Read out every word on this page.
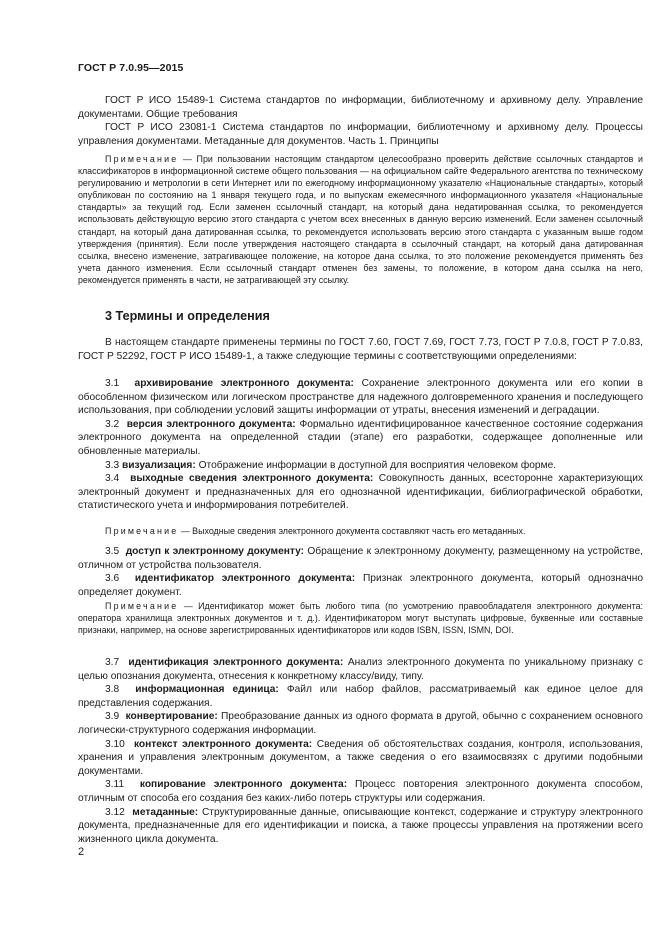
ГОСТ Р 7.0.95—2015

ГОСТ Р ИСО 15489-1 Система стандартов по информации, библиотечному и архивному делу. Управление документами. Общие требования

ГОСТ Р ИСО 23081-1 Система стандартов по информации, библиотечному и архивному делу. Процессы управления документами. Метаданные для документов. Часть 1. Принципы

Примечание — При пользовании настоящим стандартом целесообразно проверить действие ссылочных стандартов и классификаторов в информационной системе общего пользования — на официальном сайте Федерального агентства по техническому регулированию и метрологии в сети Интернет или по ежегодному информационному указателю «Национальные стандарты», который опубликован по состоянию на 1 января текущего года, и по выпускам ежемесячного информационного указателя «Национальные стандарты» за текущий год. Если заменен ссылочный стандарт, на который дана недатированная ссылка, то рекомендуется использовать действующую версию этого стандарта с учетом всех внесенных в данную версию изменений. Если заменен ссылочный стандарт, на который дана датированная ссылка, то рекомендуется использовать версию этого стандарта с указанным выше годом утверждения (принятия). Если после утверждения настоящего стандарта в ссылочный стандарт, на который дана датированная ссылка, внесено изменение, затрагивающее положение, на которое дана ссылка, то это положение рекомендуется применять без учета данного изменения. Если ссылочный стандарт отменен без замены, то положение, в котором дана ссылка на него, рекомендуется применять в части, не затрагивающей эту ссылку.

3 Термины и определения

В настоящем стандарте применены термины по ГОСТ 7.60, ГОСТ 7.69, ГОСТ 7.73, ГОСТ Р 7.0.8, ГОСТ Р 7.0.83, ГОСТ Р 52292, ГОСТ Р ИСО 15489-1, а также следующие термины с соответствующими определениями:

3.1 архивирование электронного документа: Сохранение электронного документа или его копии в обособленном физическом или логическом пространстве для надежного долговременного хранения и последующего использования, при соблюдении условий защиты информации от утраты, внесения изменений и деградации.

3.2 версия электронного документа: Формально идентифицированное качественное состояние содержания электронного документа на определенной стадии (этапе) его разработки, содержащее дополненные или обновленные материалы.

3.3 визуализация: Отображение информации в доступной для восприятия человеком форме.

3.4 выходные сведения электронного документа: Совокупность данных, всесторонне характеризующих электронный документ и предназначенных для его однозначной идентификации, библиографической обработки, статистического учета и информирования потребителей.

Примечание — Выходные сведения электронного документа составляют часть его метаданных.

3.5 доступ к электронному документу: Обращение к электронному документу, размещенному на устройстве, отличном от устройства пользователя.

3.6 идентификатор электронного документа: Признак электронного документа, который однозначно определяет документ.

Примечание — Идентификатор может быть любого типа (по усмотрению правообладателя электронного документа: оператора хранилища электронных документов и т. д.). Идентификатором могут выступать цифровые, буквенные или составные признаки, например, на основе зарегистрированных идентификаторов или кодов ISBN, ISSN, ISMN, DOI.

3.7 идентификация электронного документа: Анализ электронного документа по уникальному признаку с целью опознания документа, отнесения к конкретному классу/виду, типу.

3.8 информационная единица: Файл или набор файлов, рассматриваемый как единое целое для представления содержания.

3.9 конвертирование: Преобразование данных из одного формата в другой, обычно с сохранением основного логически-структурного содержания информации.

3.10 контекст электронного документа: Сведения об обстоятельствах создания, контроля, использования, хранения и управления электронным документом, а также сведения о его взаимосвязях с другими подобными документами.

3.11 копирование электронного документа: Процесс повторения электронного документа способом, отличным от способа его создания без каких-либо потерь структуры или содержания.

3.12 метаданные: Структурированные данные, описывающие контекст, содержание и структуру электронного документа, предназначенные для его идентификации и поиска, а также процессы управления на протяжении всего жизненного цикла документа.

2
